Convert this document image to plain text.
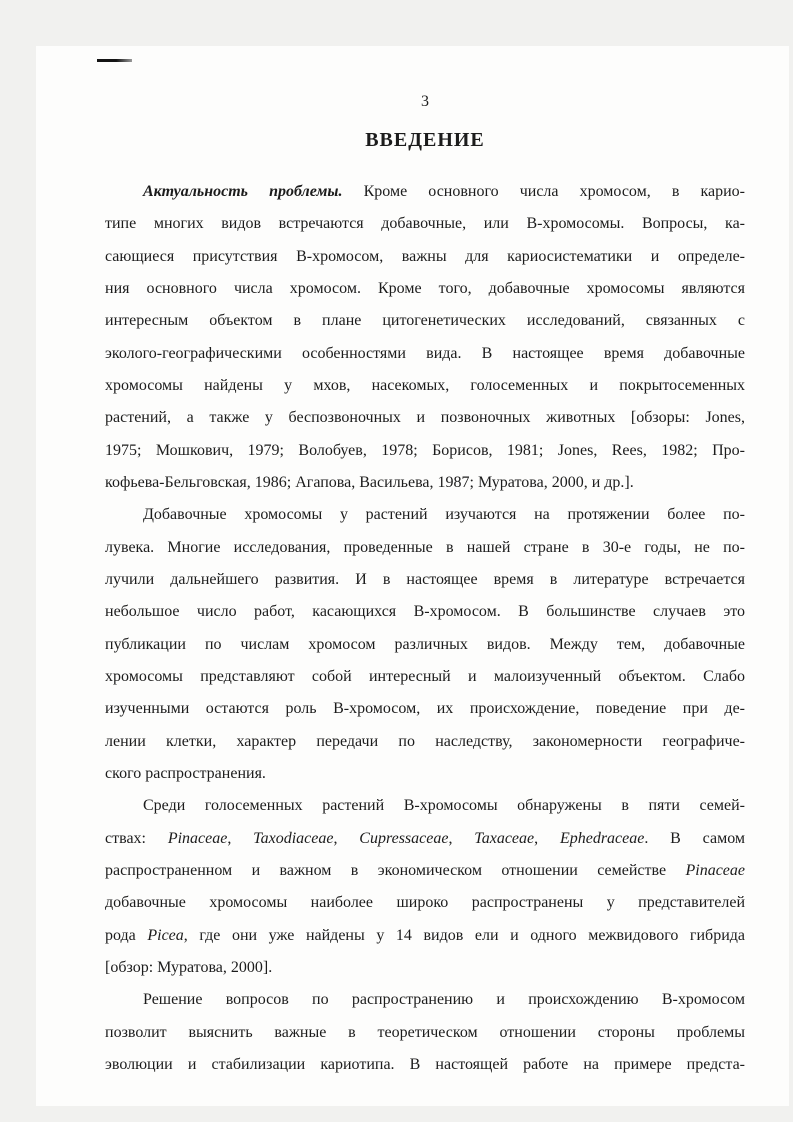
3
ВВЕДЕНИЕ
Актуальность проблемы. Кроме основного числа хромосом, в карио-
типе многих видов встречаются добавочные, или В-хромосомы. Вопросы, ка-
сающиеся присутствия В-хромосом, важны для кариосистематики и определе-
ния основного числа хромосом. Кроме того, добавочные хромосомы являются
интересным объектом в плане цитогенетических исследований, связанных с
эколого-географическими особенностями вида. В настоящее время добавочные
хромосомы найдены у мхов, насекомых, голосеменных и покрытосеменных
растений, а также у беспозвоночных и позвоночных животных [обзоры: Jones,
1975; Мошкович, 1979; Волобуев, 1978; Борисов, 1981; Jones, Rees, 1982; Про-
кофьева-Бельговская, 1986; Агапова, Васильева, 1987; Муратова, 2000, и др.].
Добавочные хромосомы у растений изучаются на протяжении более по-
лувека. Многие исследования, проведенные в нашей стране в 30-е годы, не по-
лучили дальнейшего развития. И в настоящее время в литературе встречается
небольшое число работ, касающихся В-хромосом. В большинстве случаев это
публикации по числам хромосом различных видов. Между тем, добавочные
хромосомы представляют собой интересный и малоизученный объектом. Слабо
изученными остаются роль В-хромосом, их происхождение, поведение при де-
лении клетки, характер передачи по наследству, закономерности географиче-
ского распространения.
Среди голосеменных растений В-хромосомы обнаружены в пяти семей-
ствах: Pinaceae, Taxodiaceae, Cupressaceae, Taxaceae, Ephedraceae. В самом
распространенном и важном в экономическом отношении семействе Pinaceae
добавочные хромосомы наиболее широко распространены у представителей
рода Picea, где они уже найдены у 14 видов ели и одного межвидового гибрида
[обзор: Муратова, 2000].
Решение вопросов по распространению и происхождению В-хромосом
позволит выяснить важные в теоретическом отношении стороны проблемы
эволюции и стабилизации кариотипа. В настоящей работе на примере предста-
